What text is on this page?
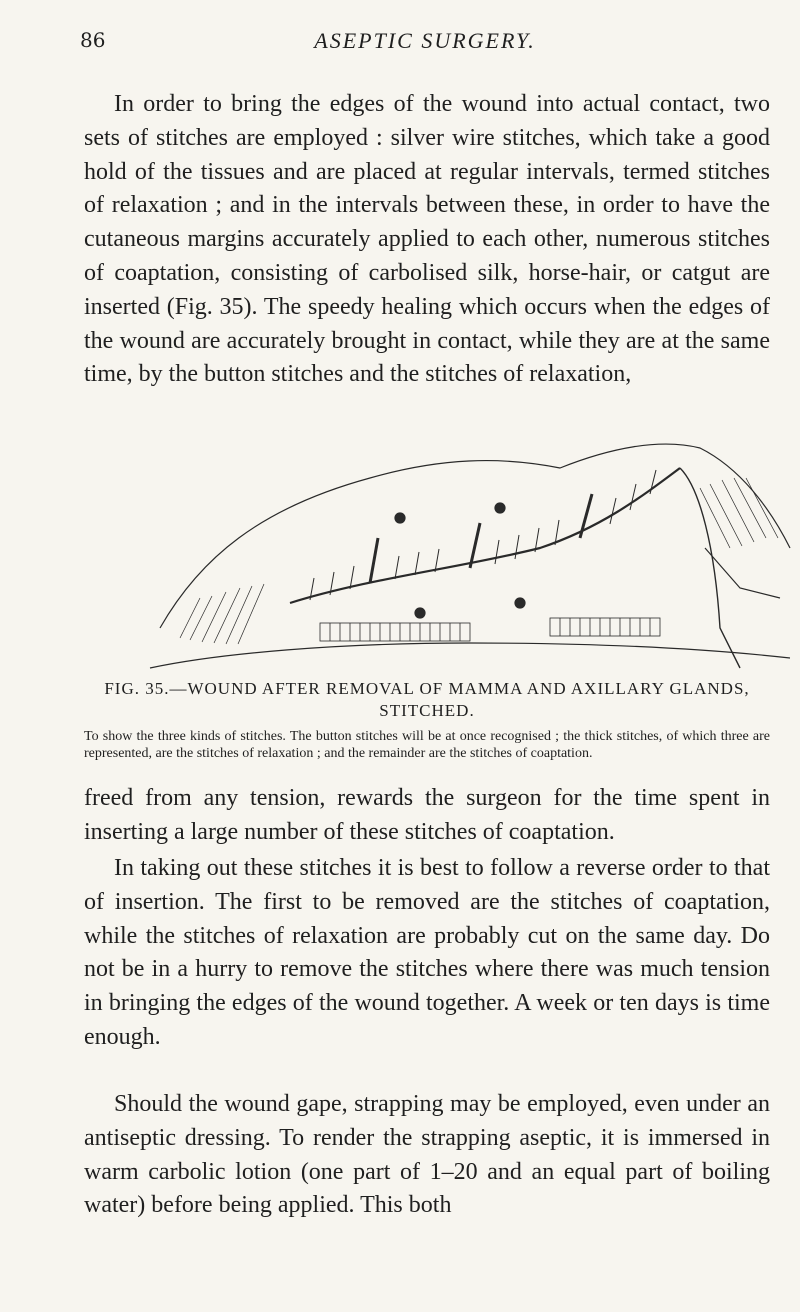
86	ASEPTIC SURGERY.

In order to bring the edges of the wound into actual contact, two sets of stitches are employed : silver wire stitches, which take a good hold of the tissues and are placed at regular intervals, termed stitches of relaxation ; and in the intervals between these, in order to have the cutaneous margins accurately applied to each other, numerous stitches of coaptation, consisting of carbolised silk, horse-hair, or catgut are inserted (Fig. 35). The speedy healing which occurs when the edges of the wound are accurately brought in contact, while they are at the same time, by the button stitches and the stitches of relaxation,

FIG. 35.—WOUND AFTER REMOVAL OF MAMMA AND AXILLARY GLANDS, STITCHED.

To show the three kinds of stitches. The button stitches will be at once recognised ; the thick stitches, of which three are represented, are the stitches of relaxation ; and the remainder are the stitches of coaptation.

freed from any tension, rewards the surgeon for the time spent in inserting a large number of these stitches of coaptation.

In taking out these stitches it is best to follow a reverse order to that of insertion. The first to be removed are the stitches of coaptation, while the stitches of relaxation are probably cut on the same day. Do not be in a hurry to remove the stitches where there was much tension in bringing the edges of the wound together. A week or ten days is time enough.

Should the wound gape, strapping may be employed, even under an antiseptic dressing. To render the strapping aseptic, it is immersed in warm carbolic lotion (one part of 1–20 and an equal part of boiling water) before being applied. This both
